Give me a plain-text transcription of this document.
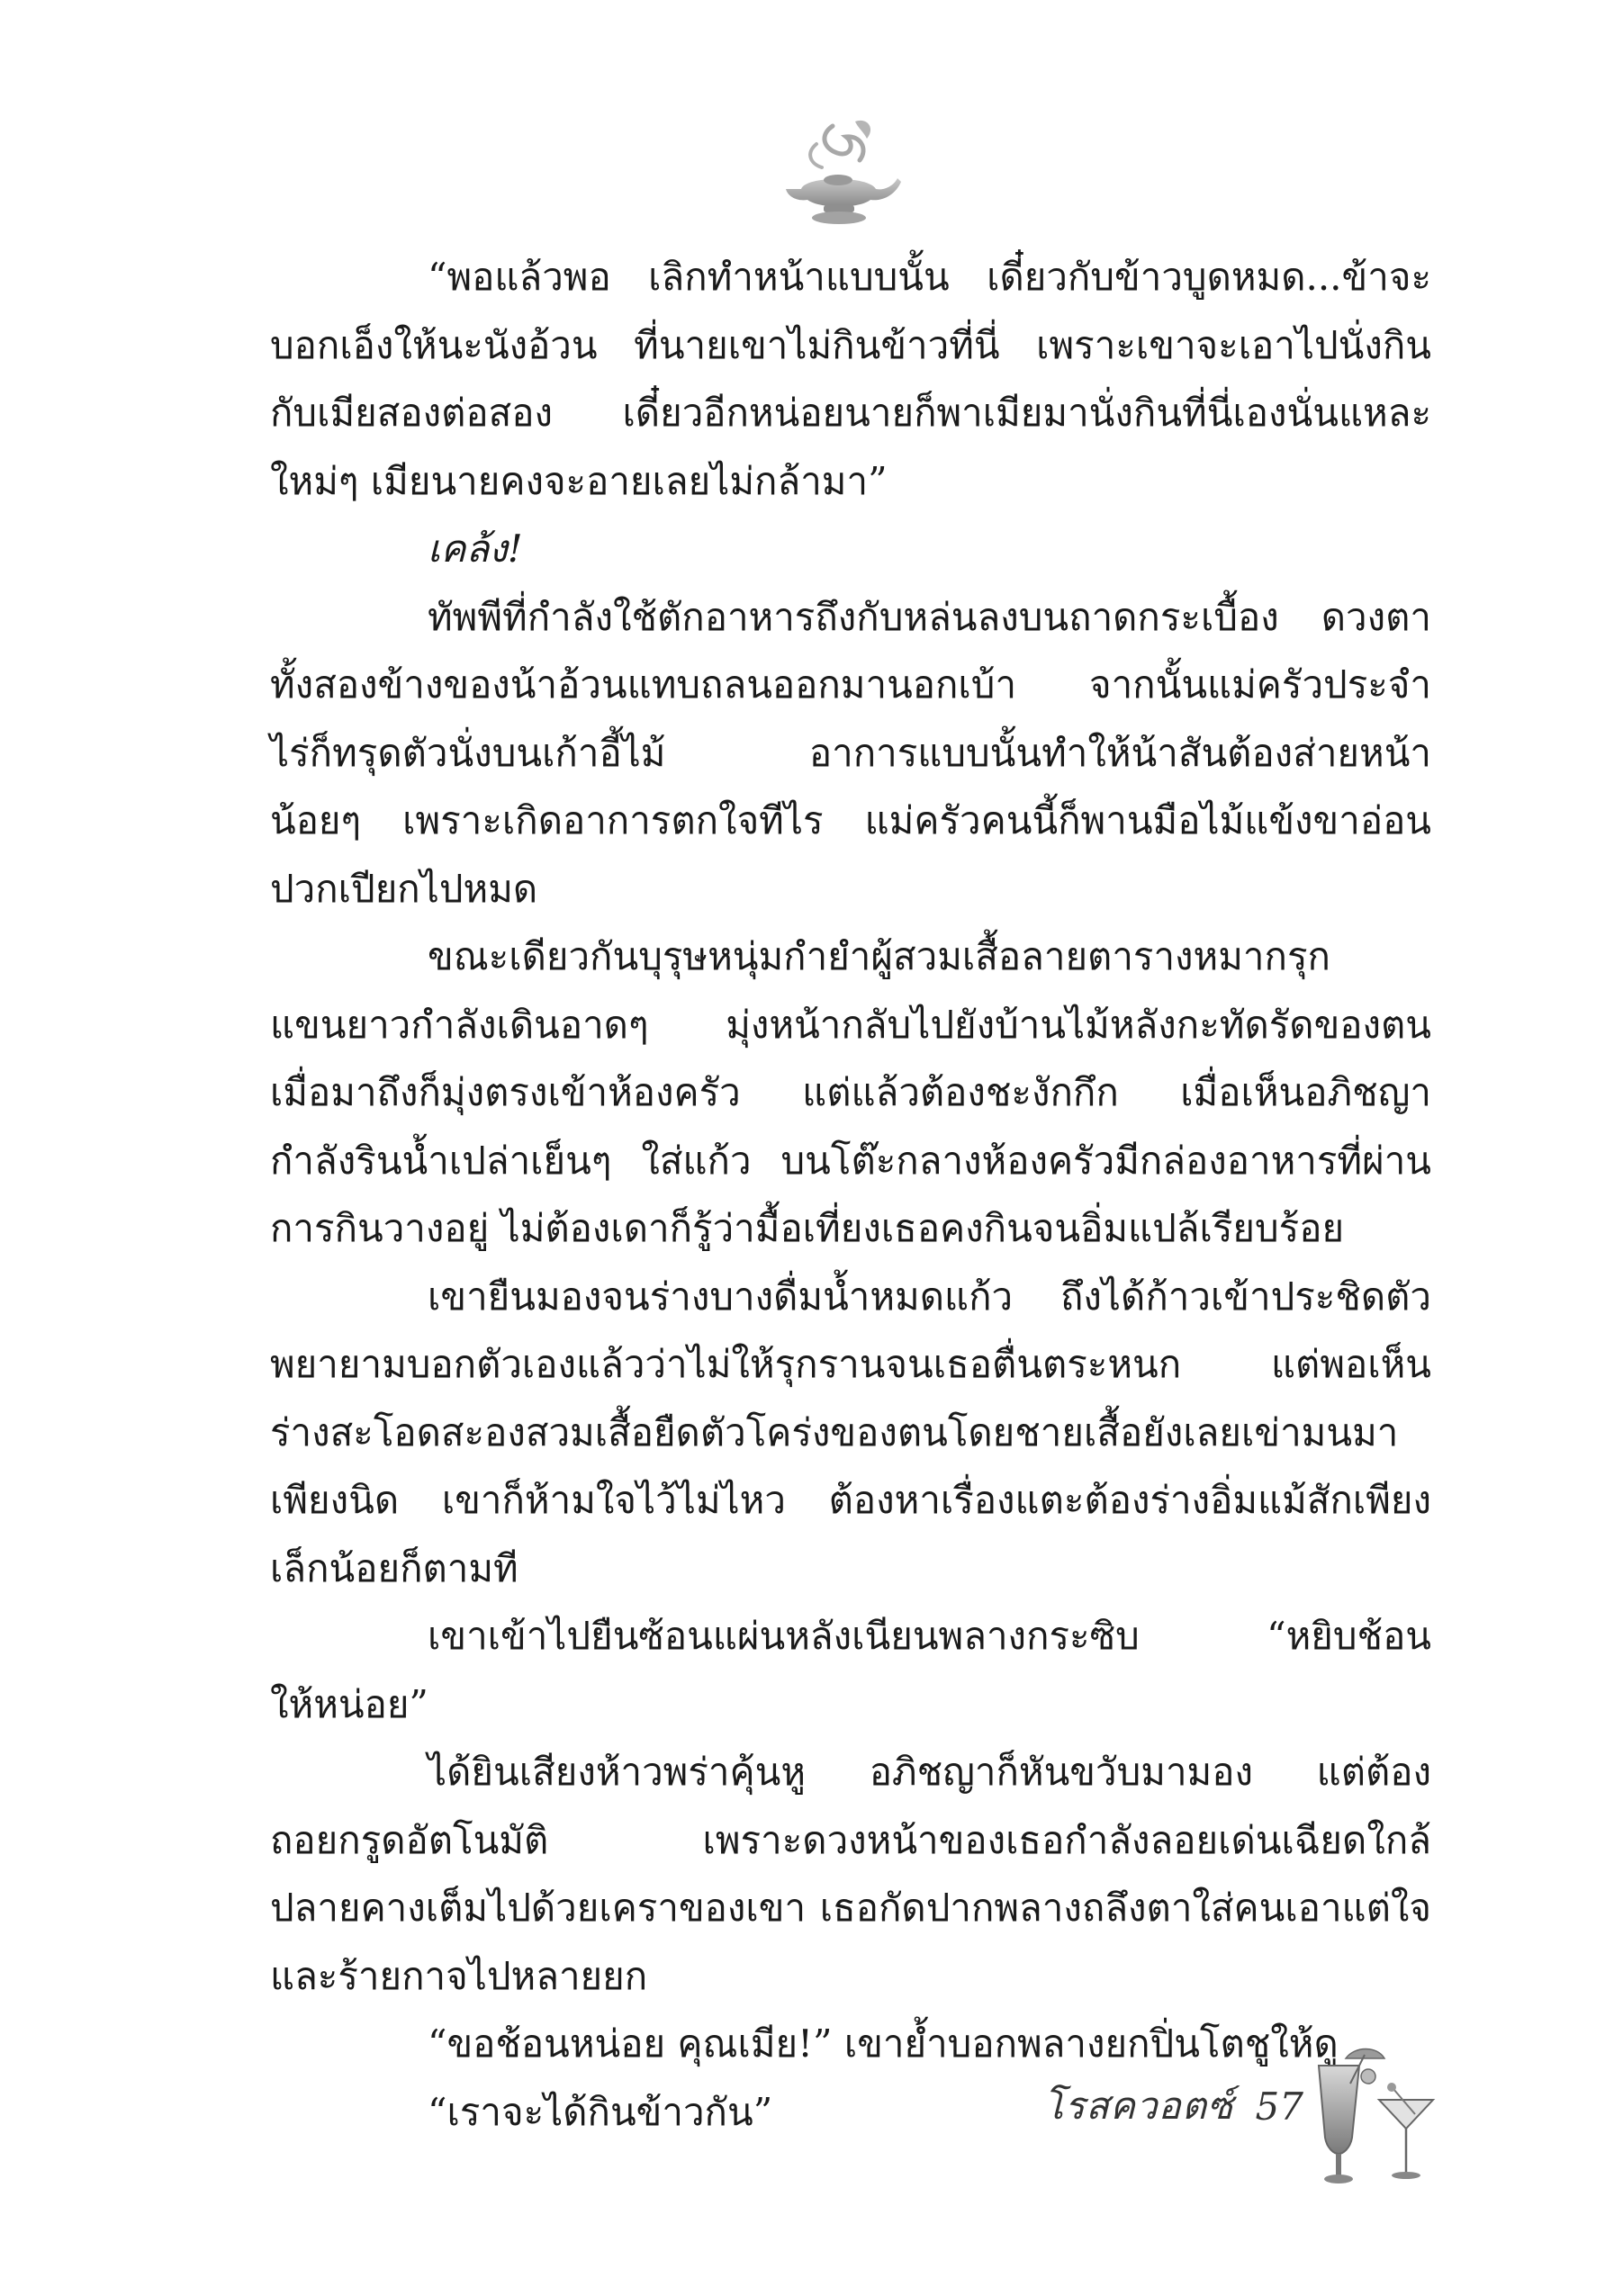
“พอแล้วพอ เลิกทำหน้าแบบนั้น เดี๋ยวกับข้าวบูดหมด...ข้าจะ
บอกเอ็งให้นะนังอ้วน ที่นายเขาไม่กินข้าวที่นี่ เพราะเขาจะเอาไปนั่งกิน
กับเมียสองต่อสอง เดี๋ยวอีกหน่อยนายก็พาเมียมานั่งกินที่นี่เองนั่นแหละ
ใหม่ๆ เมียนายคงจะอายเลยไม่กล้ามา”
เคล้ง!
ทัพพีที่กำลังใช้ตักอาหารถึงกับหล่นลงบนถาดกระเบื้อง ดวงตา
ทั้งสองข้างของน้าอ้วนแทบถลนออกมานอกเบ้า จากนั้นแม่ครัวประจำ
ไร่ก็ทรุดตัวนั่งบนเก้าอี้ไม้ อาการแบบนั้นทำให้น้าสันต้องส่ายหน้า
น้อยๆ เพราะเกิดอาการตกใจทีไร แม่ครัวคนนี้ก็พานมือไม้แข้งขาอ่อน
ปวกเปียกไปหมด
ขณะเดียวกันบุรุษหนุ่มกำยำผู้สวมเสื้อลายตารางหมากรุก
แขนยาวกำลังเดินอาดๆ มุ่งหน้ากลับไปยังบ้านไม้หลังกะทัดรัดของตน
เมื่อมาถึงก็มุ่งตรงเข้าห้องครัว แต่แล้วต้องชะงักกึก เมื่อเห็นอภิชญา
กำลังรินน้ำเปล่าเย็นๆ ใส่แก้ว บนโต๊ะกลางห้องครัวมีกล่องอาหารที่ผ่าน
การกินวางอยู่ ไม่ต้องเดาก็รู้ว่ามื้อเที่ยงเธอคงกินจนอิ่มแปล้เรียบร้อย
เขายืนมองจนร่างบางดื่มน้ำหมดแก้ว ถึงได้ก้าวเข้าประชิดตัว
พยายามบอกตัวเองแล้วว่าไม่ให้รุกรานจนเธอตื่นตระหนก แต่พอเห็น
ร่างสะโอดสะองสวมเสื้อยืดตัวโคร่งของตนโดยชายเสื้อยังเลยเข่ามนมา
เพียงนิด เขาก็ห้ามใจไว้ไม่ไหว ต้องหาเรื่องแตะต้องร่างอิ่มแม้สักเพียง
เล็กน้อยก็ตามที
เขาเข้าไปยืนซ้อนแผ่นหลังเนียนพลางกระซิบ “หยิบช้อน
ให้หน่อย”
ได้ยินเสียงห้าวพร่าคุ้นหู อภิชญาก็หันขวับมามอง แต่ต้อง
ถอยกรูดอัตโนมัติ เพราะดวงหน้าของเธอกำลังลอยเด่นเฉียดใกล้
ปลายคางเต็มไปด้วยเคราของเขา เธอกัดปากพลางถลึงตาใส่คนเอาแต่ใจ
และร้ายกาจไปหลายยก
“ขอช้อนหน่อย คุณเมีย!” เขาย้ำบอกพลางยกปิ่นโตชูให้ดู
“เราจะได้กินข้าวกัน”	โรสควอตซ์ 57
